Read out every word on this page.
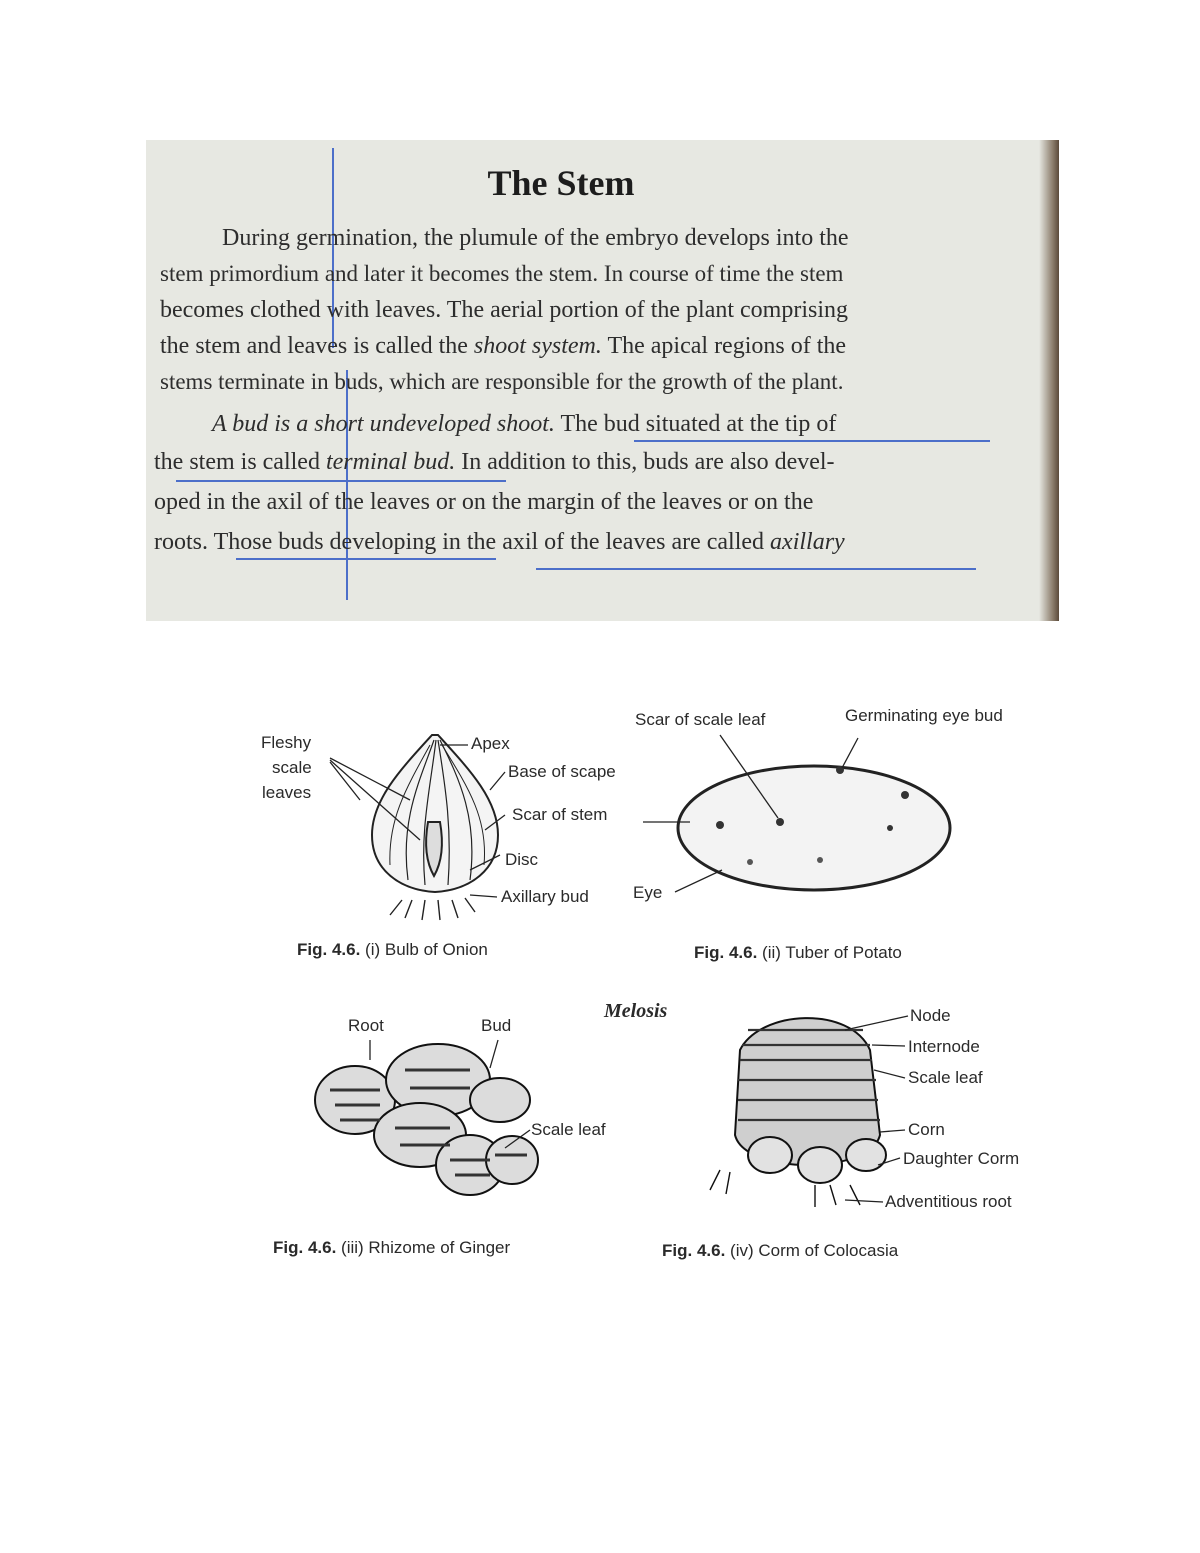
The Stem
During germination, the plumule of the embryo develops into the
stem primordium and later it becomes the stem. In course of time the stem
becomes clothed with leaves. The aerial portion of the plant comprising
the stem and leaves is called the shoot system. The apical regions of the
stems terminate in buds, which are responsible for the growth of the plant.
A bud is a short undeveloped shoot. The bud situated at the tip of
the stem is called terminal bud. In addition to this, buds are also devel-
oped in the axil of the leaves or on the margin of the leaves or on the
roots. Those buds developing in the axil of the leaves are called axillary
Fleshy
scale
leaves
Apex
Base of scape
Scar of stem
Disc
Axillary bud
Fig. 4.6. (i) Bulb of Onion
Scar of scale leaf	Germinating eye bud
Eye
Fig. 4.6. (ii) Tuber of Potato
Melosis
Root	Bud
Scale leaf
Fig. 4.6. (iii) Rhizome of Ginger
Node
Internode
Scale leaf
Corn
Daughter Corm
Adventitious root
Fig. 4.6. (iv) Corm of Colocasia
